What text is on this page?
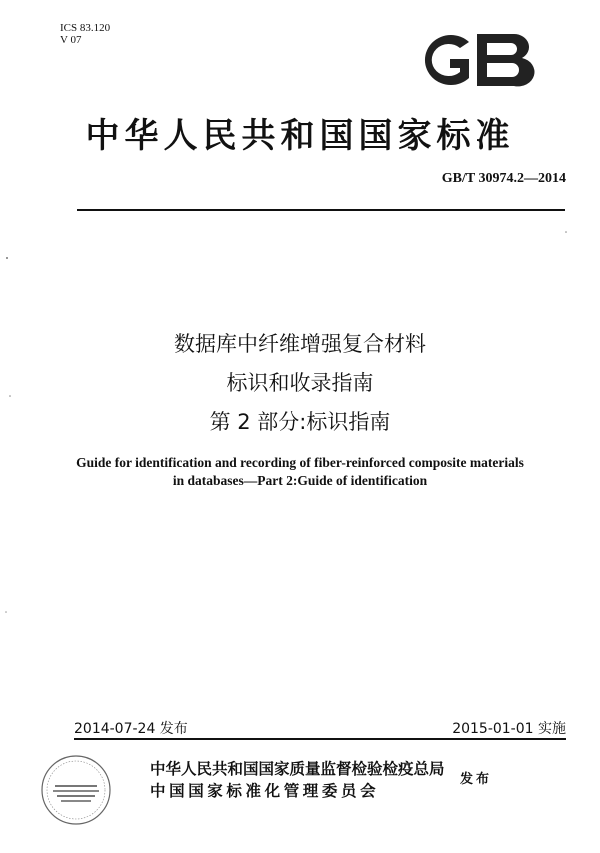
ICS 83.120
V 07
中华人民共和国国家标准
GB/T 30974.2—2014
数据库中纤维增强复合材料
标识和收录指南
第 2 部分:标识指南
Guide for identification and recording of fiber-reinforced composite materials
in databases—Part 2:Guide of identification
2014-07-24 发布	2015-01-01 实施
中华人民共和国国家质量监督检验检疫总局
中国国家标准化管理委员会
发布
